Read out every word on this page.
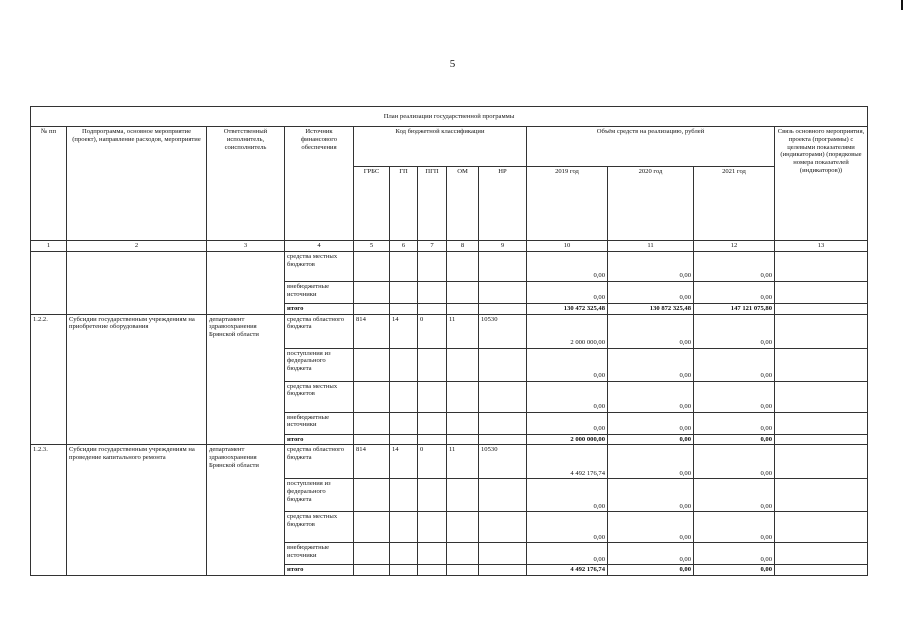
5
План реализации государственной программы												
№ пп	Подпрограмма, основное мероприятие (проект), направление расходов, мероприятие	Ответственный исполнитель, соисполнитель	Источник финансового обеспечения	Код бюджетной классификации					Объём средств на реализацию, рублей			Связь основного мероприятия, проекта (программы) с целевыми показателями (индикаторами) (порядковые номера показателей (индикаторов))
				ГРБС	ГП	ПГП	ОМ	НР	2019 год	2020 год	2021 год	
1	2	3	4	5	6	7	8	9	10	11	12	13
			средства местных бюджетов						0,00	0,00	0,00	
			внебюджетные источники						0,00	0,00	0,00	
			итого						130 472 325,48	130 872 325,48	147 121 075,80	
1.2.2.	Субсидии государственным учреждениям на приобретение оборудования	департамент здравоохранения Брянской области	средства областного бюджета	814	14	0	11	10530	2 000 000,00	0,00	0,00	
			поступления из федерального бюджета						0,00	0,00	0,00	
			средства местных бюджетов						0,00	0,00	0,00	
			внебюджетные источники						0,00	0,00	0,00	
			итого						2 000 000,00	0,00	0,00	
1.2.3.	Субсидии государственным учреждениям на проведение капитального ремонта	департамент здравоохранения Брянской области	средства областного бюджета	814	14	0	11	10530	4 492 176,74	0,00	0,00	
			поступления из федерального бюджета						0,00	0,00	0,00	
			средства местных бюджетов						0,00	0,00	0,00	
			внебюджетные источники						0,00	0,00	0,00	
			итого						4 492 176,74	0,00	0,00	
